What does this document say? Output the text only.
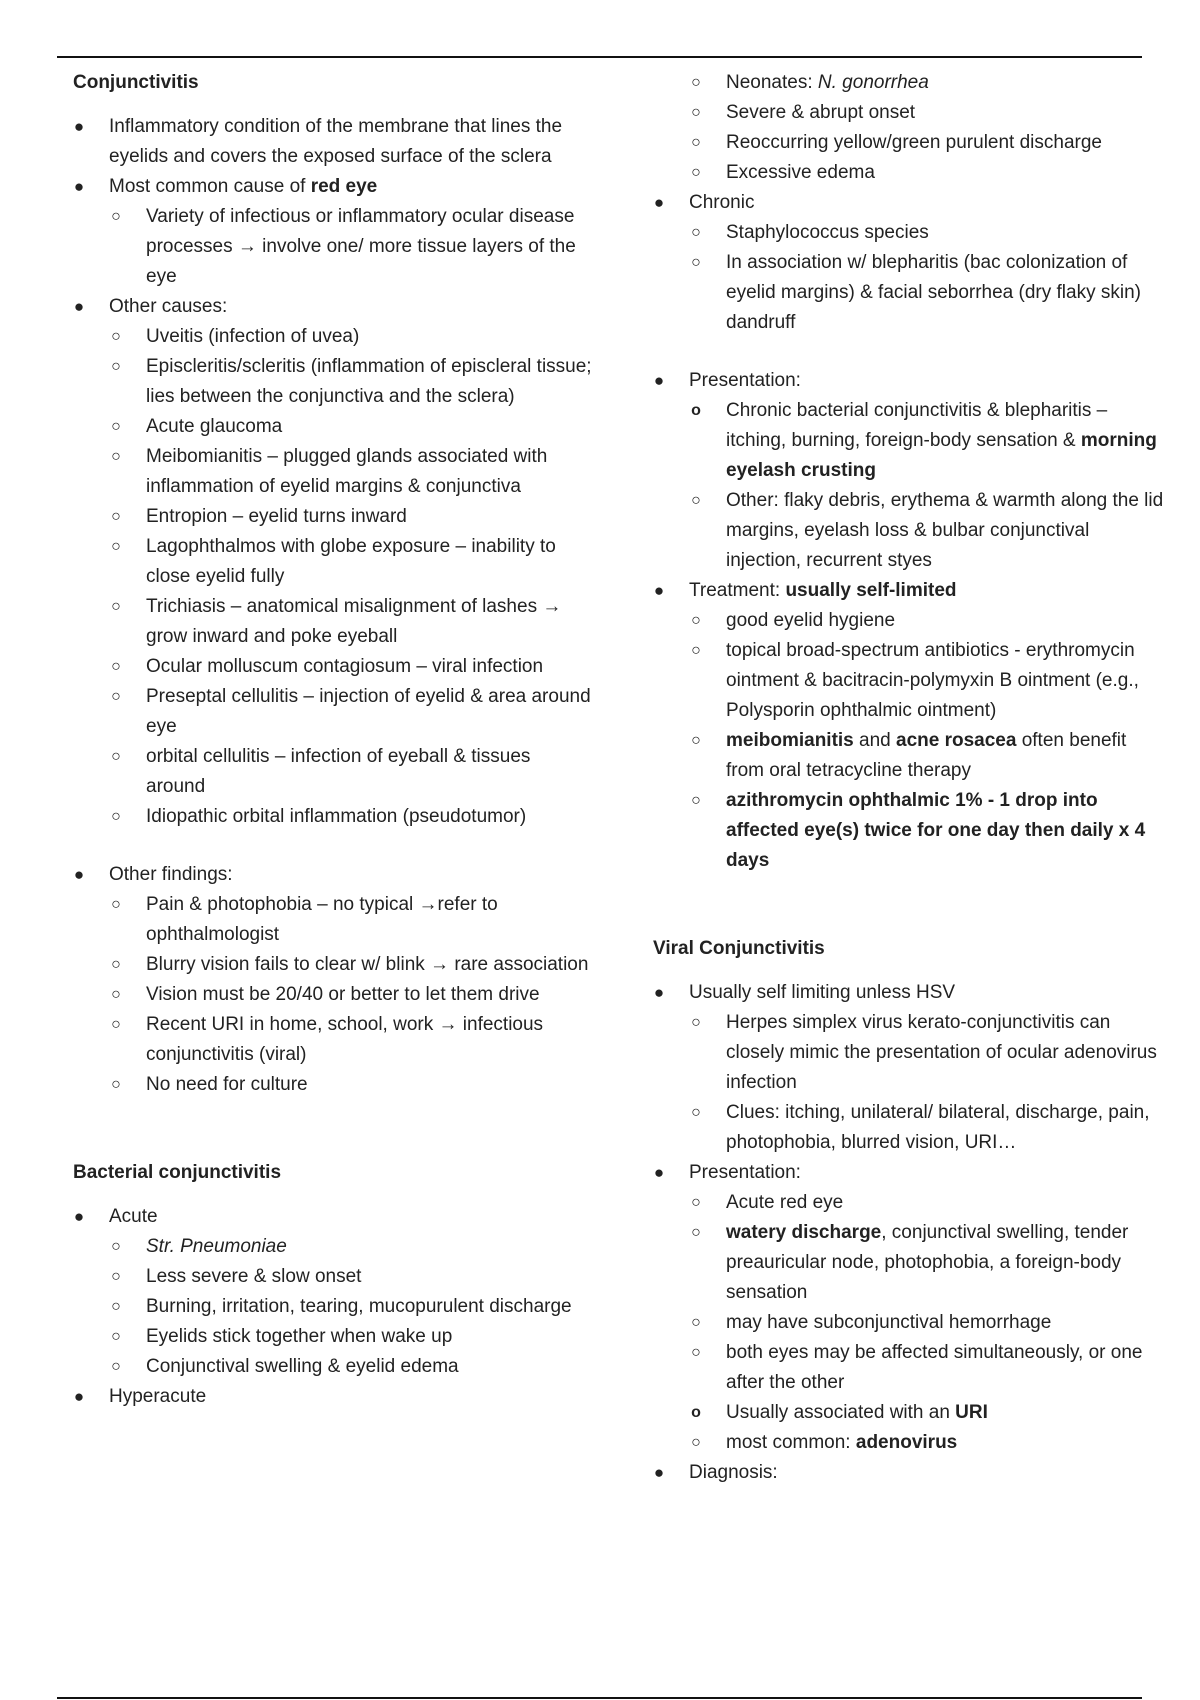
Conjunctivitis

● Inflammatory condition of the membrane that lines the eyelids and covers the exposed surface of the sclera
● Most common cause of red eye
○ Variety of infectious or inflammatory ocular disease processes → involve one/ more tissue layers of the eye
● Other causes:
○ Uveitis (infection of uvea)
○ Episcleritis/scleritis (inflammation of episcleral tissue; lies between the conjunctiva and the sclera)
○ Acute glaucoma
○ Meibomianitis – plugged glands associated with inflammation of eyelid margins & conjunctiva
○ Entropion – eyelid turns inward
○ Lagophthalmos with globe exposure – inability to close eyelid fully
○ Trichiasis – anatomical misalignment of lashes → grow inward and poke eyeball
○ Ocular molluscum contagiosum – viral infection
○ Preseptal cellulitis – injection of eyelid & area around eye
○ orbital cellulitis – infection of eyeball & tissues around
○ Idiopathic orbital inflammation (pseudotumor)
● Other findings:
○ Pain & photophobia – no typical →refer to ophthalmologist
○ Blurry vision fails to clear w/ blink → rare association
○ Vision must be 20/40 or better to let them drive
○ Recent URI in home, school, work → infectious conjunctivitis (viral)
○ No need for culture

Bacterial conjunctivitis

● Acute
○ Str. Pneumoniae
○ Less severe & slow onset
○ Burning, irritation, tearing, mucopurulent discharge
○ Eyelids stick together when wake up
○ Conjunctival swelling & eyelid edema
● Hyperacute
○ Neonates: N. gonorrhea
○ Severe & abrupt onset
○ Reoccurring yellow/green purulent discharge
○ Excessive edema
● Chronic
○ Staphylococcus species
○ In association w/ blepharitis (bac colonization of eyelid margins) & facial seborrhea (dry flaky skin) dandruff
● Presentation:
o Chronic bacterial conjunctivitis & blepharitis – itching, burning, foreign-body sensation & morning eyelash crusting
○ Other: flaky debris, erythema & warmth along the lid margins, eyelash loss & bulbar conjunctival injection, recurrent styes
● Treatment: usually self-limited
○ good eyelid hygiene
○ topical broad-spectrum antibiotics - erythromycin ointment & bacitracin-polymyxin B ointment (e.g., Polysporin ophthalmic ointment)
○ meibomianitis and acne rosacea often benefit from oral tetracycline therapy
○ azithromycin ophthalmic 1% - 1 drop into affected eye(s) twice for one day then daily x 4 days

Viral Conjunctivitis

● Usually self limiting unless HSV
○ Herpes simplex virus kerato-conjunctivitis can closely mimic the presentation of ocular adenovirus infection
○ Clues: itching, unilateral/ bilateral, discharge, pain, photophobia, blurred vision, URI…
● Presentation:
○ Acute red eye
○ watery discharge, conjunctival swelling, tender preauricular node, photophobia, a foreign-body sensation
○ may have subconjunctival hemorrhage
○ both eyes may be affected simultaneously, or one after the other
o Usually associated with an URI
○ most common: adenovirus
● Diagnosis:
